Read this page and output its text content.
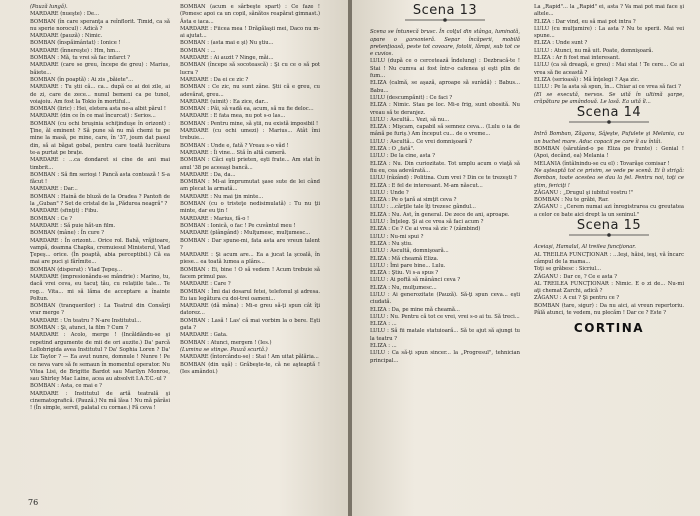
(Pauză lungă).

MARDARE (nueşte) : De...

BOMBAN (în care speranţa a reînflorit. Timid, ca să nu sperie norocul) : Adică ?

MARDARE (pauză) : Nimic.

BOMBAN (înspăimântat) : Ionice !

MARDARE (înnereşte) : Hm, hm...

BOMBAN : Mă, tu vrei să fac infarct ?

MARDARE (care se greu, începe de greu) : Marius, băiete...

BOMBAN (în poaptă) : Ai zis „băiete"...

MARDARE : Tu ştii că... ca... după ce ai doi zile, ai de zi, care de zece... nunul bemeni ca pe tunol, voiajoiu. Am fost la Tokio în mortiful...

BOMBAN (liric) : Hei, eletera asta ne-a albit părul !

MARDARE (din ce în ce mai încurcat) : Serios...

BOMBAN (cu ochi bruşinia schiţinduşe în orizont) : Ţine, ăl eminent ? Să pune să nu mă chemi tu pe mine la masă, pe mine, care, în '37, joum dat pasul din, să ai băgat gobal, pentru care toată lucrătura te-a purtat pe brațe.

MARDARE : ...ca dondaret si cine de ani mai timbrit...

BOMBAN : Să fim serioşi ! Pancă asta contează ! S-a făcut !

MARDARE : Dar...

BOMBAN : Hainâ de bluză de la Oradea ? Pantofi de la „Guban" ? Set de cristal de la „Pădurea neagră" ?

MARDARE (sfinţit) : Fibu.

BOMBAN : Ce ?

MARDARE : Să puie hăt-un film.

BOMBAN (mâne) : În cure ?

MARDARE : În orizont... Orice rol. Bahă, vrăjitoare, vampă, doamna Chapka, cremuiesul Ministerul, Vlad Ţepeş... orice. (În poaptă, abia perceptibil.) Că ea mai are puci şi fărîmite...

BOMBAN (disperat) : Vlad Ţepeş...

MARDARE (impresionându-se mândrie) : Marino, tu, dacă vrei ceva, eu tacuţ tău, cu relațiile tale... Te rog... Vita... mi să lăma de acceptare a înainte Poltun.

BOMBAN (tranquerilor) : La Teatrul din Consărji vrar merge ?

MARDARE : Un teatru ? N-are Institutul...

BOMBAN : Şi, atunci, la film ? Cum ?

MARDARE : Acolo, merge ! (Incăldăndu-se şi repetind argumente de mii de ori auzite.) Da' parcă Lollobrigida avea Institutul ? Da' Sophia Loren ? Da' Liz Taylor ? — Ea avut nunre, domnule ! Nunre ! Pe ce neva vare să fe semaun în momentul operator. Nu Vitea Lisi, de Brigitte Bardot sau Marilyn Monroe, sau Shirley Mac Laine, acea au absolvit I.A.T.C.-ul ?

BOMBAN : Asta, ce mai e ?

MARDARE : Institutul de artă teatrală şi cinematografică. (Pauză.) Nu mă lăsa ! Nu mă părăsi ! (În simple, servil, palatal cu cornae.) Fă ceva !

BOMBAN (acum e sârbeşte spart) : Ce faze ! (Pomesc apoi ca un copil, sănătos reapărat gimnast.) Ăsta e iaca...

MARDARE : Fiicea mea ! Drăgălaşii mei, Daco nu m-ai ajutat...

BOMBAN : (asta mai e şi) Nu ştiu...

BOMBAN : ...

MARDARE : Ai auzit ? Ninge, măi...

BOMBAN (începe să socotească) : Şi cu ce o să pot lucra ?

MARDARE : Da ei ce zic ?

BOMBAN : Ce zic, nu sunt zâne. Ştii că e greu, cu adevărat, greu...

MARDARE (uimit) : Ea zice, dar...

BOMBAN : Păi, să vadă ea, acum, să nu fie deloc...

MARDARE : E fata mea, nu pot s-o las...

BOMBAN : Pentru mine, să ştii, nu există imposibil !

MARDARE (cu ochi umezi) : Marius... Atât îmi trebuie...

BOMBAN : Unde e, fată ? Vreau s-o văd !

MARDARE : Îi vine... Stă în altă cameră.

BOMBAN : Căci eşti prieten, eşti frate... Am stat în anul '38 pe aceeaşi bancă...

MARDARE : Da, da...

BOMBAN : Mi-ai împrumutat şase sute de lei când am plecat la armată...

MARDARE : Nu mai ţin minte...

BOMBAN (cu o tristeţe nedisimulată) : Tu nu ţii minte, dar eu ţin !

MARDARE : Marius, fă-o !

BOMBAN : Ionică, o fac ! Pe cuvântul meu !

MARDARE (plângând) : Mulţumesc, mulţumesc...

BOMBAN : Dar spune-mi, fata asta are vreun talent ?

MARDARE : Şi acum are... Ea a jucat la şcoală, în piese... ea toată lumea a plâns...

BOMBAN : Ei, bine ! O să vedem ! Acum trebuie să facem primul pas.

MARDARE : Care ?

BOMBAN : Îmi dai dosarul fetei, telefonul şi adresa. Eu iau legătura cu doi-trei oameni...

MARDARE (dă mâna) : Mi-e greu să-ţi spun cât îţi datorez...

BOMBAN : Lasă ! Las' că mai vorbim la o bere. Eşti gata ?

MARDARE : Gata.

BOMBAN : Atunci, mergem ! (Ies.)

(Lumina se stinge. Pauză scurtă.)

MARDARE (întorcându-se) : Stai ! Am uitat pălăria...

BOMBAN (din uşă) : Grăbeşte-te, că ne aşteaptă ! (Ies amândoi.)

76
Scena 13

Scena se întunecă brusc. În colţul din stânga, luminată, apare o garsonieră. Separ încăperii, mobilă pretenţioasă, peste tot covoare, fotolii, lămpi, sub tot ce e cuvios.

LULU (după ce o cercetează îndelung) : Dezbracă-te ! Stai ! Nu cumva ai fost într-o cafenea şi eşti plin de fum...

ELIZA (calmă, se aşază, aproape să surâdă) : Babus... Babu...

LULU (descumpănit) : Ce faci ?

ELIZA : Nimic. Stau pe loc. Mi-e frig, sunt obosită. Nu vreau să te deranjez.

LULU : Ascultă... Vezi, să nu...

ELIZA : Mişcam, capabil să semnez ceva... (Lulu o ia de mână pe furiş.) Am început cu... de o vreme...

LULU : Ascultă... Ce vrei domnişoară ?

ELIZA : O „fată".

LULU : De la cine, asta ?

ELIZA : Nu. Din curiozitate. Tot umplu acum o viaţă să fiu eu, cea adevărată...

LULU (râzând) : Politina. Cum vrei ? Din ce te trezeşti ?

ELIZA : E fel de interesant. M-am născut...

LULU : Unde ?

ELIZA : Pe o ţară ai simţit ceva ?

LULU : ...cărţile tale îţi trezesc gândul...

ELIZA : Nu. Ast, în general. De zece de ani, aproape.

LULU : Înţeleg. Şi ai ce vrea să faci acum ?

ELIZA : Ce ? Ce ai vrea să zic ? (zâmbind)

LULU : Nu-mi spui ?

ELIZA : Nu știu.

LULU : Ascultă, domnişoară...

ELIZA : Mă cheamă Eliza.

LULU : Îmi pare bine... Lulu.

ELIZA : Ştiu. Vi s-a spus ?

LULU : Ai poftă să mânânci ceva ?

ELIZA : Nu, mulţumesc...

LULU : Ai generozitate (Pauză). Să-ţi spun ceva... eşti ciudată.

ELIZA : Da, pe mine mă cheamă...

LULU : Nu. Pentru că tot ce vrei, vrei s-o ai tu. Să treci...

ELIZA : ...

LULU : Să fii matale statuioară... Să te ajut să ajungi tu la teatru ?

ELIZA : ...

LULU : Ca să-ţi spun sincer... la „Progresul", tehnician principal...

La „Rapid"... la „Rapid" ei, asta ? Va mai pot mai face şi altele...

ELIZA : Dar vind, eu să mai pot intra ?

LULU (cu mulţumire) : La asta ? Nu te sperii. Mai vei spune...

ELIZA : Unde sunt ?

LULU : Atunci, nu mă uit. Poate, domnişoară.

ELIZA : Ar fi fost mai interesant.

LULU (ca să dreagă, e greu) : Mai stai ! Te cere... Ce ai vrea să fie această ?

ELIZA (serioasă) : Mă înţelegi ? Aşa zic.

LULU : Pe la asta să spun, în... Chiar ai ce vrea să faci ?

(El se execută, nervos. Se uită în ultimă şarpe, crăpătura pe amândouă. Le lasă. Ea uită îl...

Scena 14

Intră Bomban, Zăganu, Sâjeşte, Pufulete şi Melania, cu un buchet mare. Aduc copacii pe care îi au întâi.

BOMBAN (sărutând-o pe Eliza pe frunte) : Genial ! (Apoi, decând, ea) Melania !

MELANIA (întâlnindu-se cu el) : Tovarăşe comisar !

Ne aşteaptă tot ce privim, se vede pe scenă. Ei îi strigă: Bomban, toate acestea se dau la fel. Pentru noi, toţi ce ştim, fericiţi !

ZĂGANU : „Drugul şi iubitul vostru !"

BOMBAN : Nu te grăbi, Rar.

ZĂGANU : „Cerem numai azi înregistrarea cu greutatea a celor ce bate aici drept la un seninul."

Scena 15

Aceiaşi, Hamalul, Al treilea funcţionar.

AL TREILEA FUNCŢIONAR : ...Ieşi, hăisi, ieşi, vă încarc câmpul de la mama...

Toţi se grăbesc : Sicriul...

ZĂGANU : Dar ce, ? Ce e asta ?

AL TREILEA FUNCŢIONAR : Nimic. E o zi de... Nu-mi aţi chemat Zarchi, adică ?

ZĂGANU : A cui ? Şi pentru ce ?

BOMBAN (tare, sigur) : Da nu aici, ai vreun repertoriu. Pâlă atunci, te vedem, nu plecăm ! Dar ce ? Este ?

CORTINA
